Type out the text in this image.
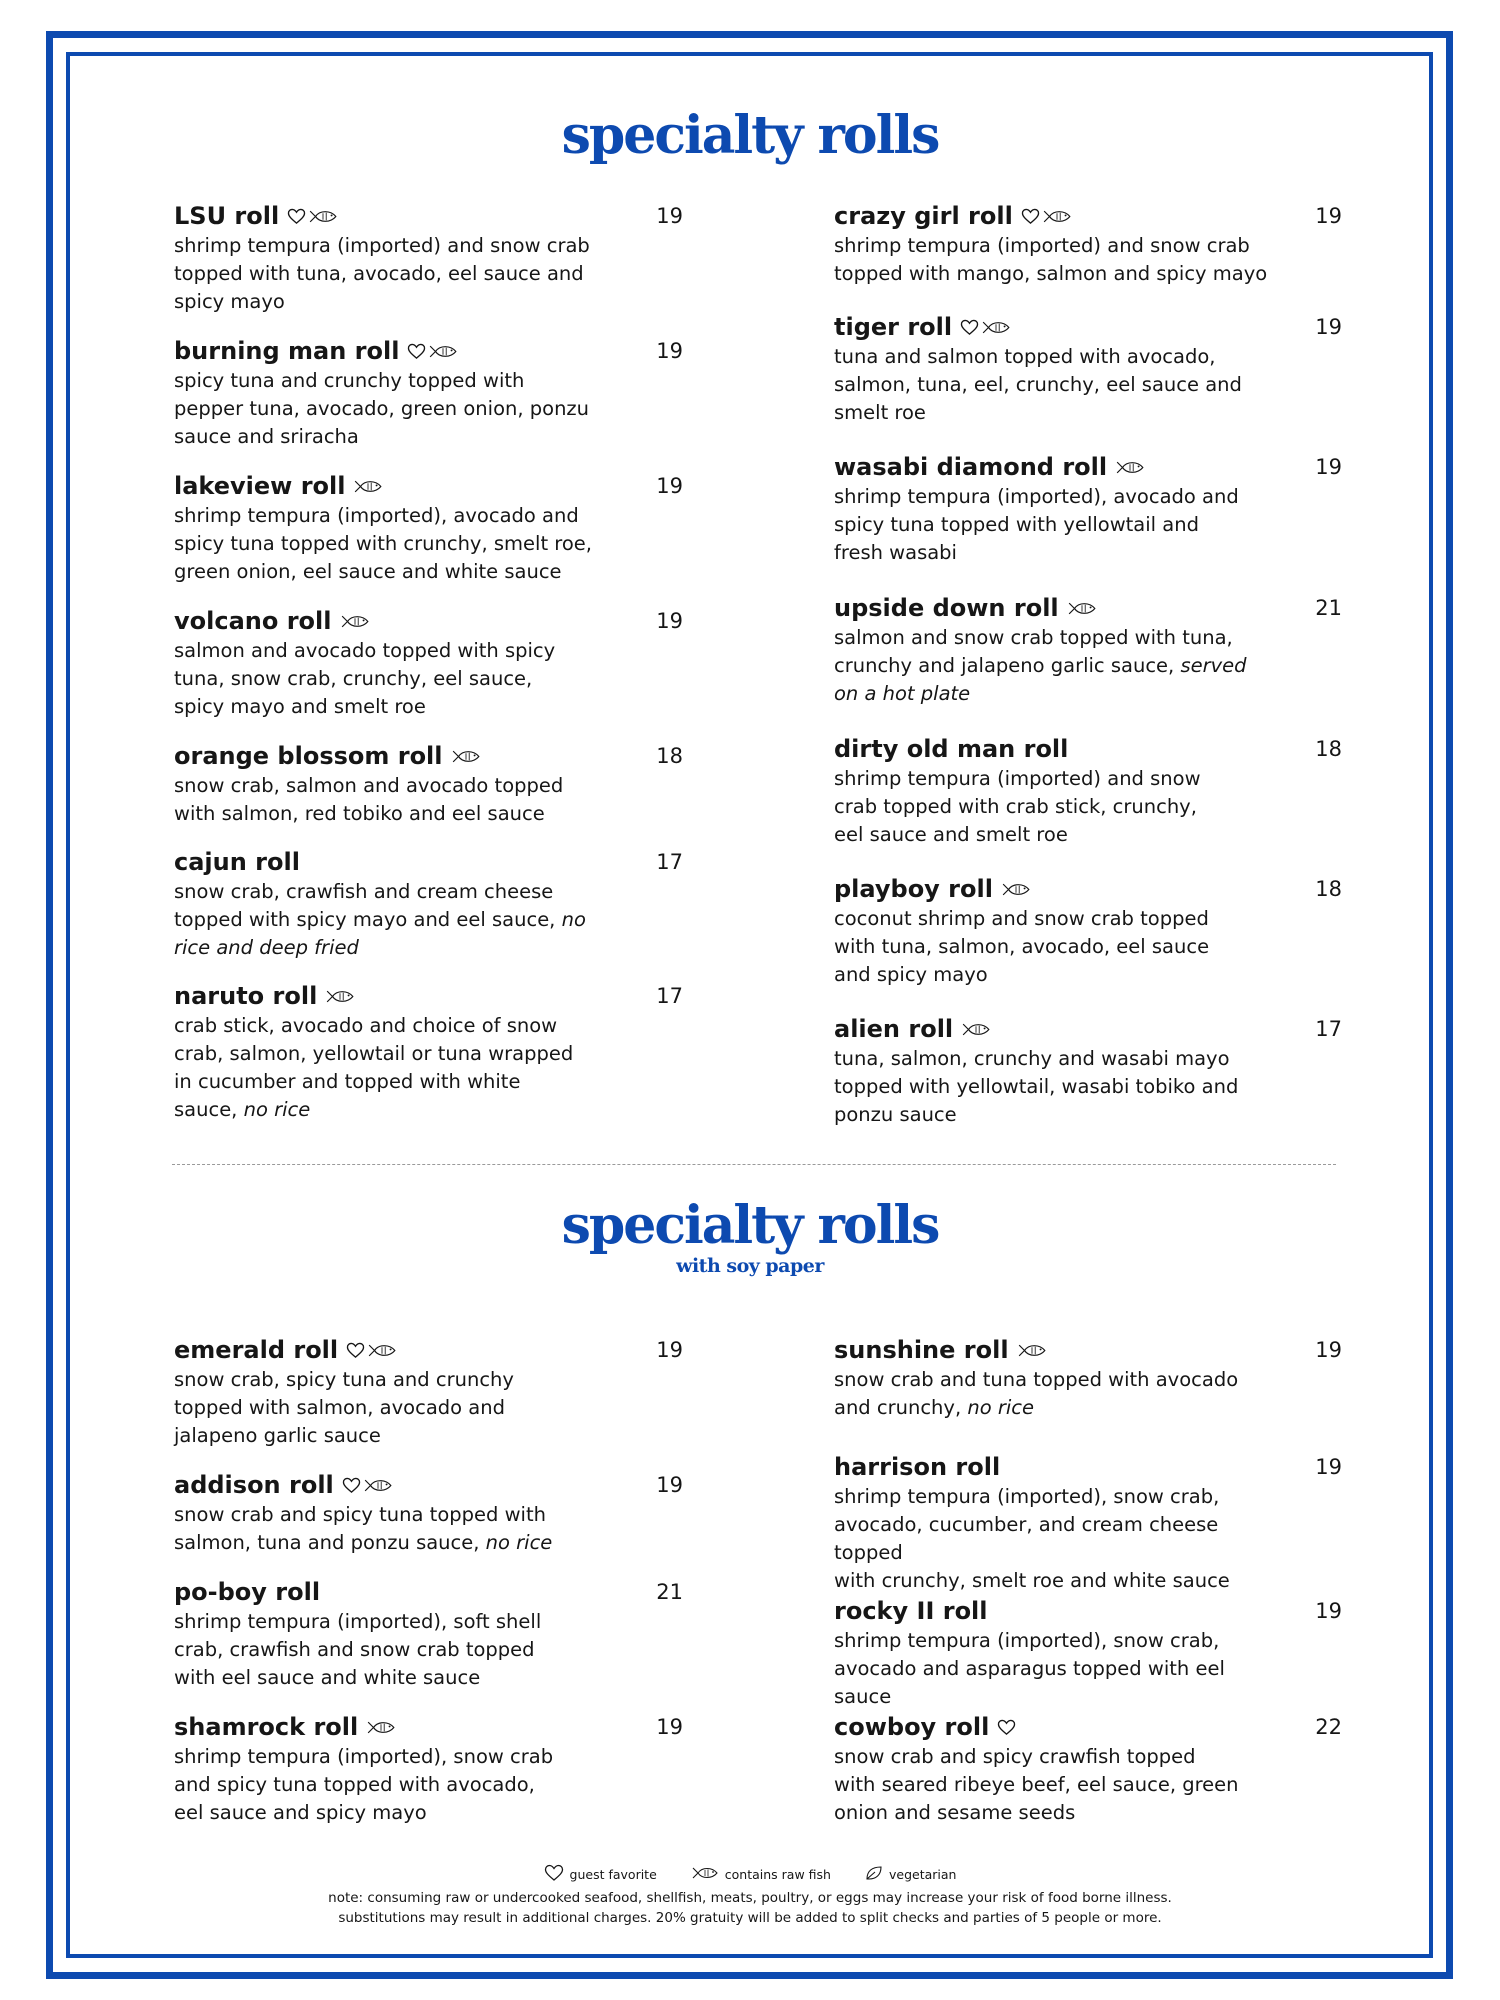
specialty rolls
LSU roll
shrimp tempura (imported) and snow crab
topped with tuna, avocado, eel sauce and
spicy mayo
19
burning man roll
spicy tuna and crunchy topped with
pepper tuna, avocado, green onion, ponzu
sauce and sriracha
19
lakeview roll
shrimp tempura (imported), avocado and
spicy tuna topped with crunchy, smelt roe,
green onion, eel sauce and white sauce
19
volcano roll
salmon and avocado topped with spicy
tuna, snow crab, crunchy, eel sauce,
spicy mayo and smelt roe
19
orange blossom roll
snow crab, salmon and avocado topped
with salmon, red tobiko and eel sauce
18
cajun roll
snow crab, crawfish and cream cheese
topped with spicy mayo and eel sauce, no rice and deep fried
17
naruto roll
crab stick, avocado and choice of snow
crab, salmon, yellowtail or tuna wrapped
in cucumber and topped with white
sauce, no rice
17
crazy girl roll
shrimp tempura (imported) and snow crab
topped with mango, salmon and spicy mayo
19
tiger roll
tuna and salmon topped with avocado,
salmon, tuna, eel, crunchy, eel sauce and
smelt roe
19
wasabi diamond roll
shrimp tempura (imported), avocado and
spicy tuna topped with yellowtail and
fresh wasabi
19
upside down roll
salmon and snow crab topped with tuna,
crunchy and jalapeno garlic sauce, served on a hot plate
21
dirty old man roll
shrimp tempura (imported) and snow
crab topped with crab stick, crunchy,
eel sauce and smelt roe
18
playboy roll
coconut shrimp and snow crab topped
with tuna, salmon, avocado, eel sauce
and spicy mayo
18
alien roll
tuna, salmon, crunchy and wasabi mayo
topped with yellowtail, wasabi tobiko and
ponzu sauce
17
specialty rolls
with soy paper
emerald roll
snow crab, spicy tuna and crunchy
topped with salmon, avocado and
jalapeno garlic sauce
19
addison roll
snow crab and spicy tuna topped with
salmon, tuna and ponzu sauce, no rice
19
po-boy roll
shrimp tempura (imported), soft shell
crab, crawfish and snow crab topped
with eel sauce and white sauce
21
shamrock roll
shrimp tempura (imported), snow crab
and spicy tuna topped with avocado,
eel sauce and spicy mayo
19
sunshine roll
snow crab and tuna topped with avocado
and crunchy, no rice
19
harrison roll
shrimp tempura (imported), snow crab,
avocado, cucumber, and cream cheese topped
with crunchy, smelt roe and white sauce
19
rocky II roll
shrimp tempura (imported), snow crab,
avocado and asparagus topped with eel sauce
19
cowboy roll
snow crab and spicy crawfish topped
with seared ribeye beef, eel sauce, green
onion and sesame seeds
22
guest favorite	contains raw fish	vegetarian
note: consuming raw or undercooked seafood, shellfish, meats, poultry, or eggs may increase your risk of food borne illness.
substitutions may result in additional charges. 20% gratuity will be added to split checks and parties of 5 people or more.
